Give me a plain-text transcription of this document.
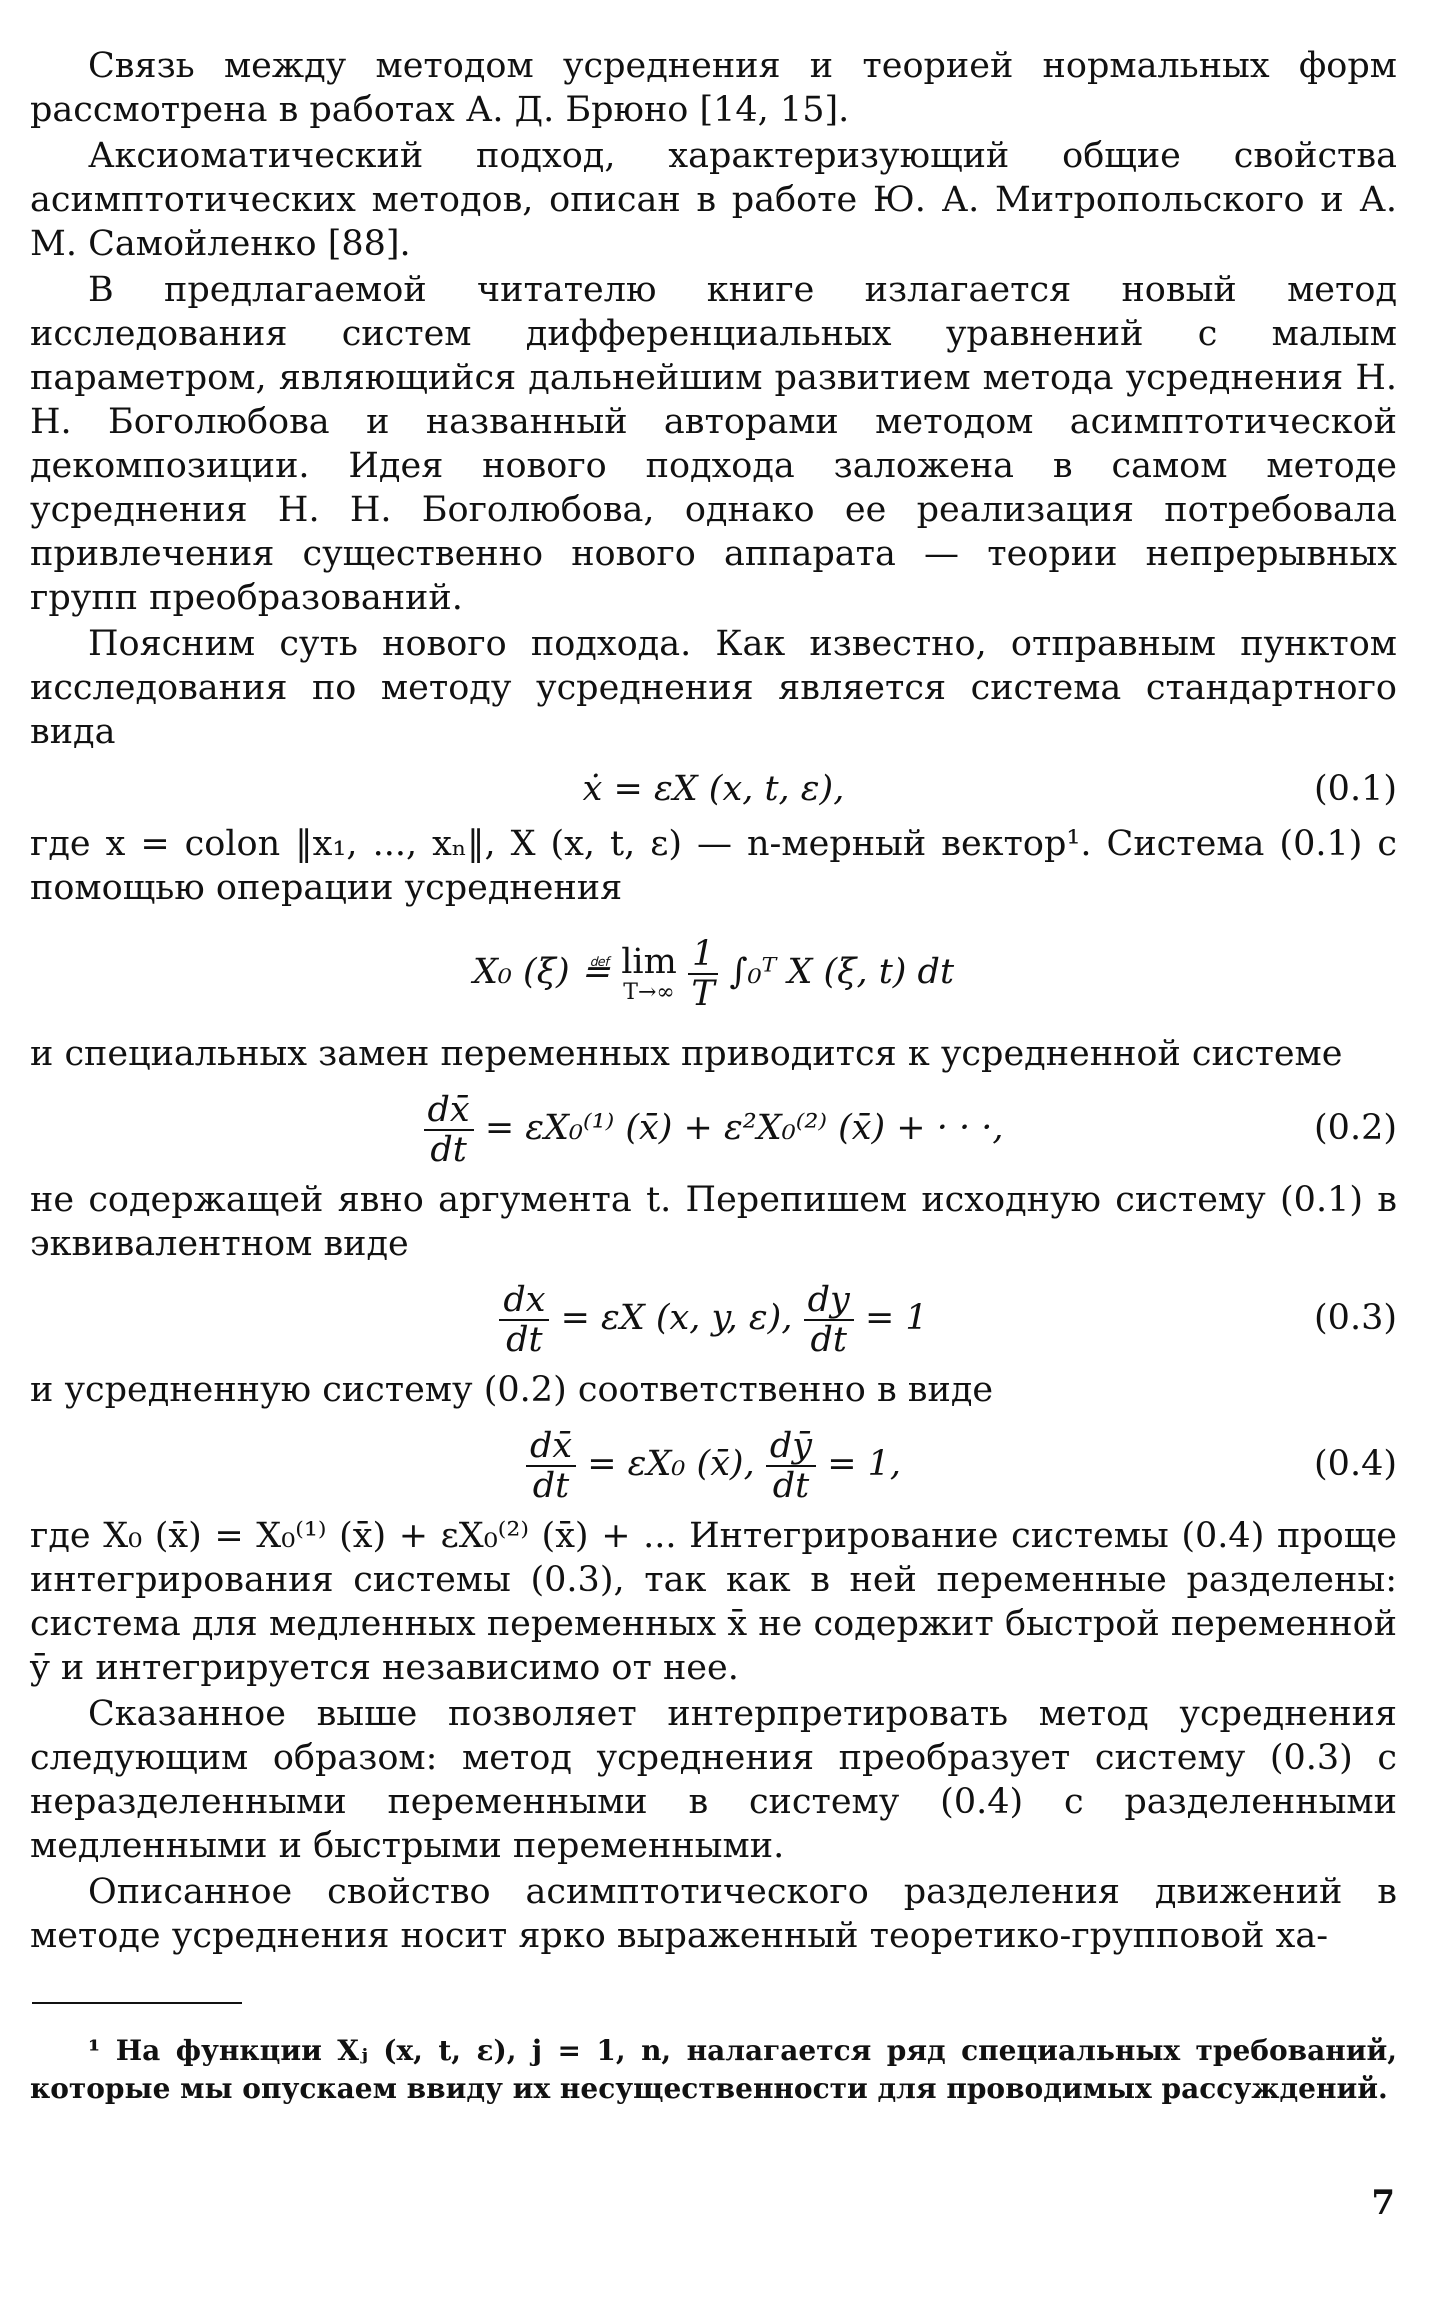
Связь между методом усреднения и теорией нормальных форм рассмотрена в работах А. Д. Брюно [14, 15].

Аксиоматический подход, характеризующий общие свойства асимптотических методов, описан в работе Ю. А. Митропольского и А. М. Самойленко [88].

В предлагаемой читателю книге излагается новый метод исследования систем дифференциальных уравнений с малым параметром, являющийся дальнейшим развитием метода усреднения Н. Н. Боголюбова и названный авторами методом асимптотической декомпозиции. Идея нового подхода заложена в самом методе усреднения Н. Н. Боголюбова, однако ее реализация потребовала привлечения существенно нового аппарата — теории непрерывных групп преобразований.

Поясним суть нового подхода. Как известно, отправным пунктом исследования по методу усреднения является система стандартного вида

ẋ = εX (x, t, ε),	(0.1)

где x = colon ‖x₁, ..., xₙ‖, X (x, t, ε) — n-мерный вектор¹. Система (0.1) с помощью операции усреднения

X₀ (ξ) ≝ lim
T→∞
$\frac{1}{T}$ ∫₀ᵀ X (ξ, t) dt

и специальных замен переменных приводится к усредненной системе

$\frac{dx̄}{dt} = \varepsilon X_0^{(1)}$ (x̄) + ε²X₀⁽²⁾ (x̄) + · · ·,	(0.2)

не содержащей явно аргумента t. Перепишем исходную систему (0.1) в эквивалентном виде

$\frac{dx}{dt} = \varepsilon X$ (x, y, ε), $\frac{dy}{dt} = 1$	(0.3)

и усредненную систему (0.2) соответственно в виде

$\frac{dx̄}{dt} = \varepsilon X_0$ (x̄), $\frac{dȳ}{dt} = 1$,	(0.4)

где X₀ (x̄) = X₀⁽¹⁾ (x̄) + εX₀⁽²⁾ (x̄) + ... Интегрирование системы (0.4) проще интегрирования системы (0.3), так как в ней переменные разделены: система для медленных переменных x̄ не содержит быстрой переменной ȳ и интегрируется независимо от нее.

Сказанное выше позволяет интерпретировать метод усреднения следующим образом: метод усреднения преобразует систему (0.3) с неразделенными переменными в систему (0.4) с разделенными медленными и быстрыми переменными.

Описанное свойство асимптотического разделения движений в методе усреднения носит ярко выраженный теоретико-групповой ха-

¹ На функции Xⱼ (x, t, ε), j = 1, n, налагается ряд специальных требований, которые мы опускаем ввиду их несущественности для проводимых рассуждений.

7
